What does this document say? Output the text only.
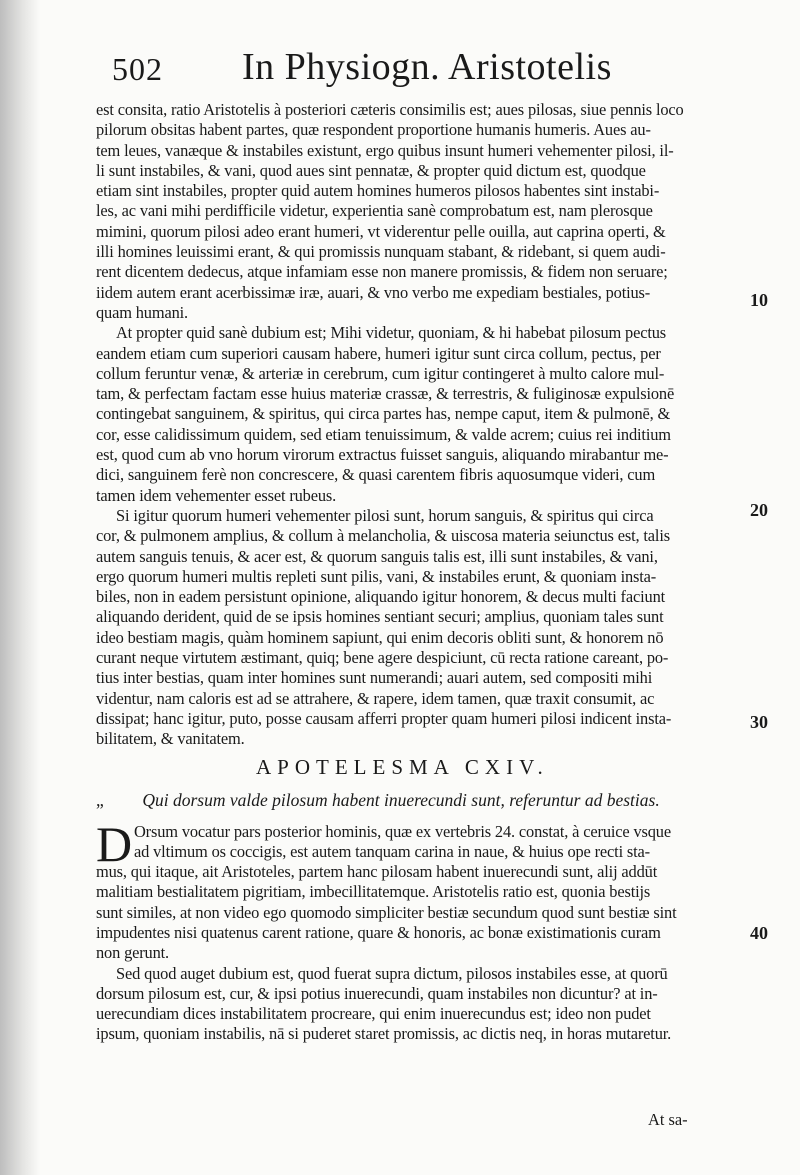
502 In Physiogn. Aristotelis
est consita, ratio Aristotelis à posteriori cæteris consimilis est; aues pilosas, siue pennis loco
pilorum obsitas habent partes, quæ respondent proportione humanis humeris. Aues au-
tem leues, vanæque & instabiles existunt, ergo quibus insunt humeri vehementer pilosi, il-
li sunt instabiles, & vani, quod aues sint pennatæ, & propter quid dictum est, quodque
etiam sint instabiles, propter quid autem homines humeros pilosos habentes sint instabi-
les, ac vani mihi perdifficile videtur, experientia sanè comprobatum est, nam plerosque
mimini, quorum pilosi adeo erant humeri, vt viderentur pelle ouilla, aut caprina operti, &
illi homines leuissimi erant, & qui promissis nunquam stabant, & ridebant, si quem audi-
rent dicentem dedecus, atque infamiam esse non manere promissis, & fidem non seruare;
iidem autem erant acerbissimæ iræ, auari, & vno verbo me expediam bestiales, potius-
quam humani.
At propter quid sanè dubium est; Mihi videtur, quoniam, & hi habebat pilosum pectus
eandem etiam cum superiori causam habere, humeri igitur sunt circa collum, pectus, per
collum feruntur venæ, & arteriæ in cerebrum, cum igitur contingeret à multo calore mul-
tam, & perfectam factam esse huius materiæ crassæ, & terrestris, & fuliginosæ expulsionē
contingebat sanguinem, & spiritus, qui circa partes has, nempe caput, item & pulmonē, &
cor, esse calidissimum quidem, sed etiam tenuissimum, & valde acrem; cuius rei inditium
est, quod cum ab vno horum virorum extractus fuisset sanguis, aliquando mirabantur me-
dici, sanguinem ferè non concrescere, & quasi carentem fibris aquosumque videri, cum
tamen idem vehementer esset rubeus.
Si igitur quorum humeri vehementer pilosi sunt, horum sanguis, & spiritus qui circa
cor, & pulmonem amplius, & collum à melancholia, & uiscosa materia seiunctus est, talis
autem sanguis tenuis, & acer est, & quorum sanguis talis est, illi sunt instabiles, & vani,
ergo quorum humeri multis repleti sunt pilis, vani, & instabiles erunt, & quoniam insta-
biles, non in eadem persistunt opinione, aliquando igitur honorem, & decus multi faciunt
aliquando derident, quid de se ipsis homines sentiant securi; amplius, quoniam tales sunt
ideo bestiam magis, quàm hominem sapiunt, qui enim decoris obliti sunt, & honorem nō
curant neque virtutem æstimant, quiq; bene agere despiciunt, cū recta ratione careant, po-
tius inter bestias, quam inter homines sunt numerandi; auari autem, sed compositi mihi
videntur, nam caloris est ad se attrahere, & rapere, idem tamen, quæ traxit consumit, ac
dissipat; hanc igitur, puto, posse causam afferri propter quam humeri pilosi indicent insta-
bilitatem, & vanitatem.
APOTELESMA CXIV.
„ Qui dorsum valde pilosum habent inuerecundi sunt, referuntur ad bestias.
D Orsum vocatur pars posterior hominis, quæ ex vertebris 24. constat, à ceruice vsque
ad vltimum os coccigis, est autem tanquam carina in naue, & huius ope recti sta-
mus, qui itaque, ait Aristoteles, partem hanc pilosam habent inuerecundi sunt, alij addūt
malitiam bestialitatem pigritiam, imbecillitatemque. Aristotelis ratio est, quonia bestijs
sunt similes, at non video ego quomodo simpliciter bestiæ secundum quod sunt bestiæ sint
impudentes nisi quatenus carent ratione, quare & honoris, ac bonæ existimationis curam
non gerunt.
Sed quod auget dubium est, quod fuerat supra dictum, pilosos instabiles esse, at quorū
dorsum pilosum est, cur, & ipsi potius inuerecundi, quam instabiles non dicuntur? at in-
uerecundiam dices instabilitatem procreare, qui enim inuerecundus est; ideo non pudet
ipsum, quoniam instabilis, nā si puderet staret promissis, ac dictis neq, in horas mutaretur.
10
20
30
40
At sa-
